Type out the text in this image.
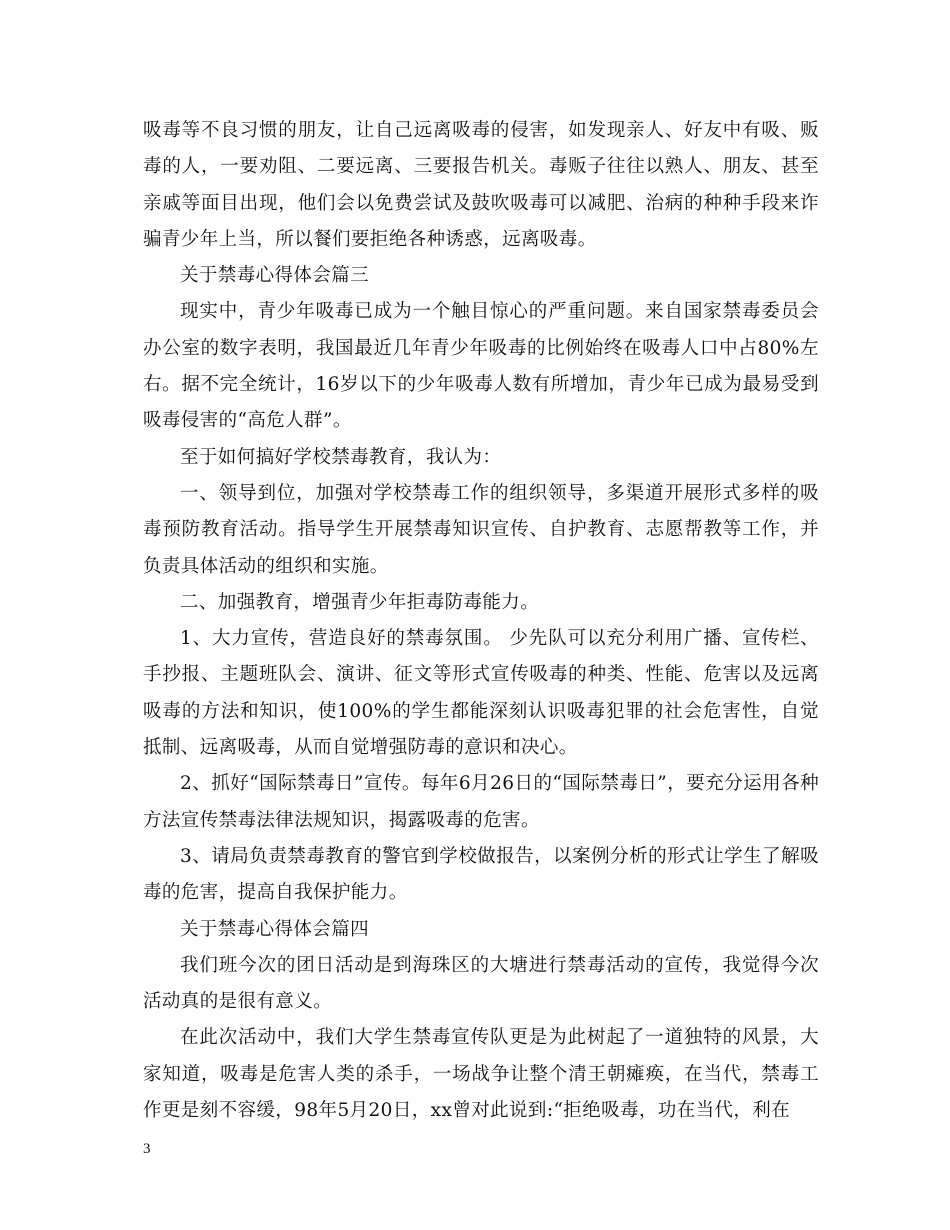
吸毒等不良习惯的朋友，让自己远离吸毒的侵害，如发现亲人、好友中有吸、贩毒的人，一要劝阻、二要远离、三要报告机关。毒贩子往往以熟人、朋友、甚至亲戚等面目出现，他们会以免费尝试及鼓吹吸毒可以减肥、治病的种种手段来诈骗青少年上当，所以餐们要拒绝各种诱惑，远离吸毒。

关于禁毒心得体会篇三

现实中，青少年吸毒已成为一个触目惊心的严重问题。来自国家禁毒委员会办公室的数字表明，我国最近几年青少年吸毒的比例始终在吸毒人口中占80%左右。据不完全统计，16岁以下的少年吸毒人数有所增加，青少年已成为最易受到吸毒侵害的“高危人群”。

至于如何搞好学校禁毒教育，我认为：

一、领导到位，加强对学校禁毒工作的组织领导，多渠道开展形式多样的吸毒预防教育活动。指导学生开展禁毒知识宣传、自护教育、志愿帮教等工作，并负责具体活动的组织和实施。

二、加强教育，增强青少年拒毒防毒能力。

1、大力宣传，营造良好的禁毒氛围。 少先队可以充分利用广播、宣传栏、手抄报、主题班队会、演讲、征文等形式宣传吸毒的种类、性能、危害以及远离吸毒的方法和知识，使100%的学生都能深刻认识吸毒犯罪的社会危害性，自觉抵制、远离吸毒，从而自觉增强防毒的意识和决心。

2、抓好“国际禁毒日”宣传。每年6月26日的“国际禁毒日”，要充分运用各种方法宣传禁毒法律法规知识，揭露吸毒的危害。

3、请局负责禁毒教育的警官到学校做报告，以案例分析的形式让学生了解吸毒的危害，提高自我保护能力。

关于禁毒心得体会篇四

我们班今次的团日活动是到海珠区的大塘进行禁毒活动的宣传，我觉得今次活动真的是很有意义。

在此次活动中，我们大学生禁毒宣传队更是为此树起了一道独特的风景，大家知道，吸毒是危害人类的杀手，一场战争让整个清王朝瘫痪，在当代，禁毒工作更是刻不容缓，98年5月20日，xx曾对此说到:“拒绝吸毒，功在当代，利在

3
